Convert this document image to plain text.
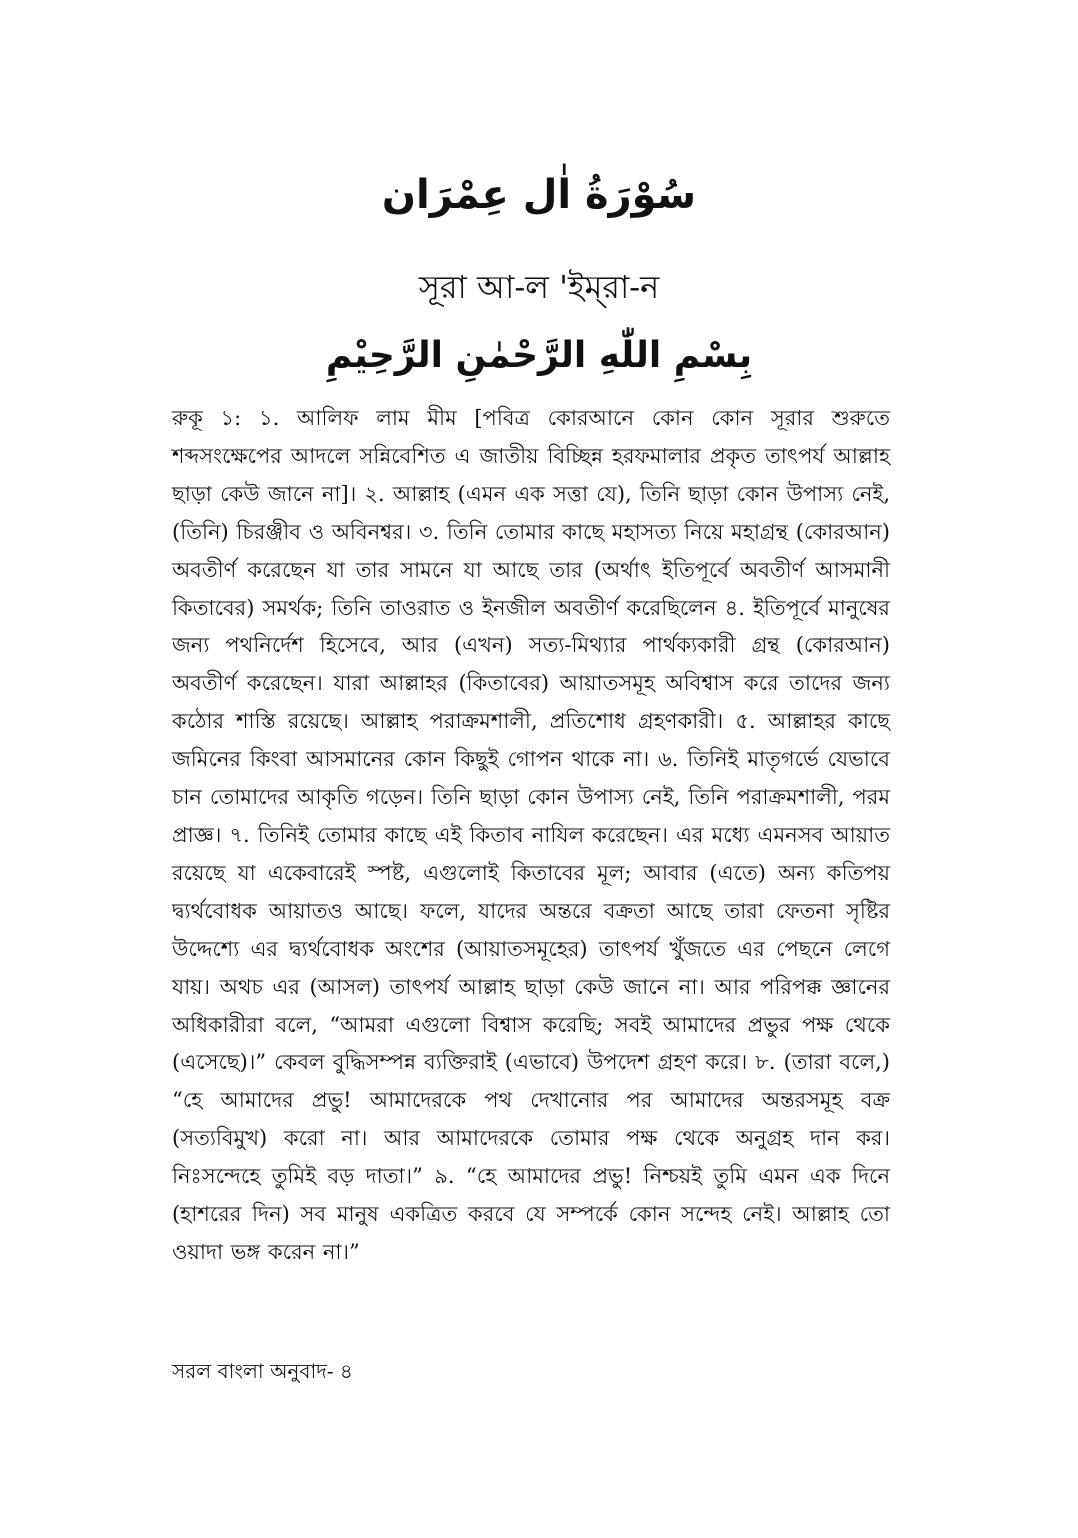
سُوْرَةُ اٰل عِمْرَان
সূরা আ-ল 'ইম্‌রা-ন
بِسْمِ اللّٰهِ الرَّحْمٰنِ الرَّحِيْمِ

রুকূ ১: ১. আলিফ লাম মীম [পবিত্র কোরআনে কোন কোন সূরার শুরুতে শব্দসংক্ষেপের আদলে সন্নিবেশিত এ জাতীয় বিচ্ছিন্ন হরফমালার প্রকৃত তাৎপর্য আল্লাহ ছাড়া কেউ জানে না]। ২. আল্লাহ (এমন এক সত্তা যে), তিনি ছাড়া কোন উপাস্য নেই, (তিনি) চিরঞ্জীব ও অবিনশ্বর। ৩. তিনি তোমার কাছে মহাসত্য নিয়ে মহাগ্রন্থ (কোরআন) অবতীর্ণ করেছেন যা তার সামনে যা আছে তার (অর্থাৎ ইতিপূর্বে অবতীর্ণ আসমানী কিতাবের) সমর্থক; তিনি তাওরাত ও ইনজীল অবতীর্ণ করেছিলেন ৪. ইতিপূর্বে মানুষের জন্য পথনির্দেশ হিসেবে, আর (এখন) সত্য-মিথ্যার পার্থক্যকারী গ্রন্থ (কোরআন) অবতীর্ণ করেছেন। যারা আল্লাহর (কিতাবের) আয়াতসমূহ অবিশ্বাস করে তাদের জন্য কঠোর শাস্তি রয়েছে। আল্লাহ পরাক্রমশালী, প্রতিশোধ গ্রহণকারী। ৫. আল্লাহর কাছে জমিনের কিংবা আসমানের কোন কিছুই গোপন থাকে না। ৬. তিনিই মাতৃগর্ভে যেভাবে চান তোমাদের আকৃতি গড়েন। তিনি ছাড়া কোন উপাস্য নেই, তিনি পরাক্রমশালী, পরম প্রাজ্ঞ। ৭. তিনিই তোমার কাছে এই কিতাব নাযিল করেছেন। এর মধ্যে এমনসব আয়াত রয়েছে যা একেবারেই স্পষ্ট, এগুলোই কিতাবের মূল; আবার (এতে) অন্য কতিপয় দ্ব্যর্থবোধক আয়াতও আছে। ফলে, যাদের অন্তরে বক্রতা আছে তারা ফেতনা সৃষ্টির উদ্দেশ্যে এর দ্ব্যর্থবোধক অংশের (আয়াতসমূহের) তাৎপর্য খুঁজতে এর পেছনে লেগে যায়। অথচ এর (আসল) তাৎপর্য আল্লাহ ছাড়া কেউ জানে না। আর পরিপক্ক জ্ঞানের অধিকারীরা বলে, “আমরা এগুলো বিশ্বাস করেছি; সবই আমাদের প্রভুর পক্ষ থেকে (এসেছে)।” কেবল বুদ্ধিসম্পন্ন ব্যক্তিরাই (এভাবে) উপদেশ গ্রহণ করে। ৮. (তারা বলে,) “হে আমাদের প্রভু! আমাদেরকে পথ দেখানোর পর আমাদের অন্তরসমূহ বক্র (সত্যবিমুখ) করো না। আর আমাদেরকে তোমার পক্ষ থেকে অনুগ্রহ দান কর। নিঃসন্দেহে তুমিই বড় দাতা।” ৯. “হে আমাদের প্রভু! নিশ্চয়ই তুমি এমন এক দিনে (হাশরের দিন) সব মানুষ একত্রিত করবে যে সম্পর্কে কোন সন্দেহ নেই। আল্লাহ তো ওয়াদা ভঙ্গ করেন না।”

সরল বাংলা অনুবাদ- ৪
